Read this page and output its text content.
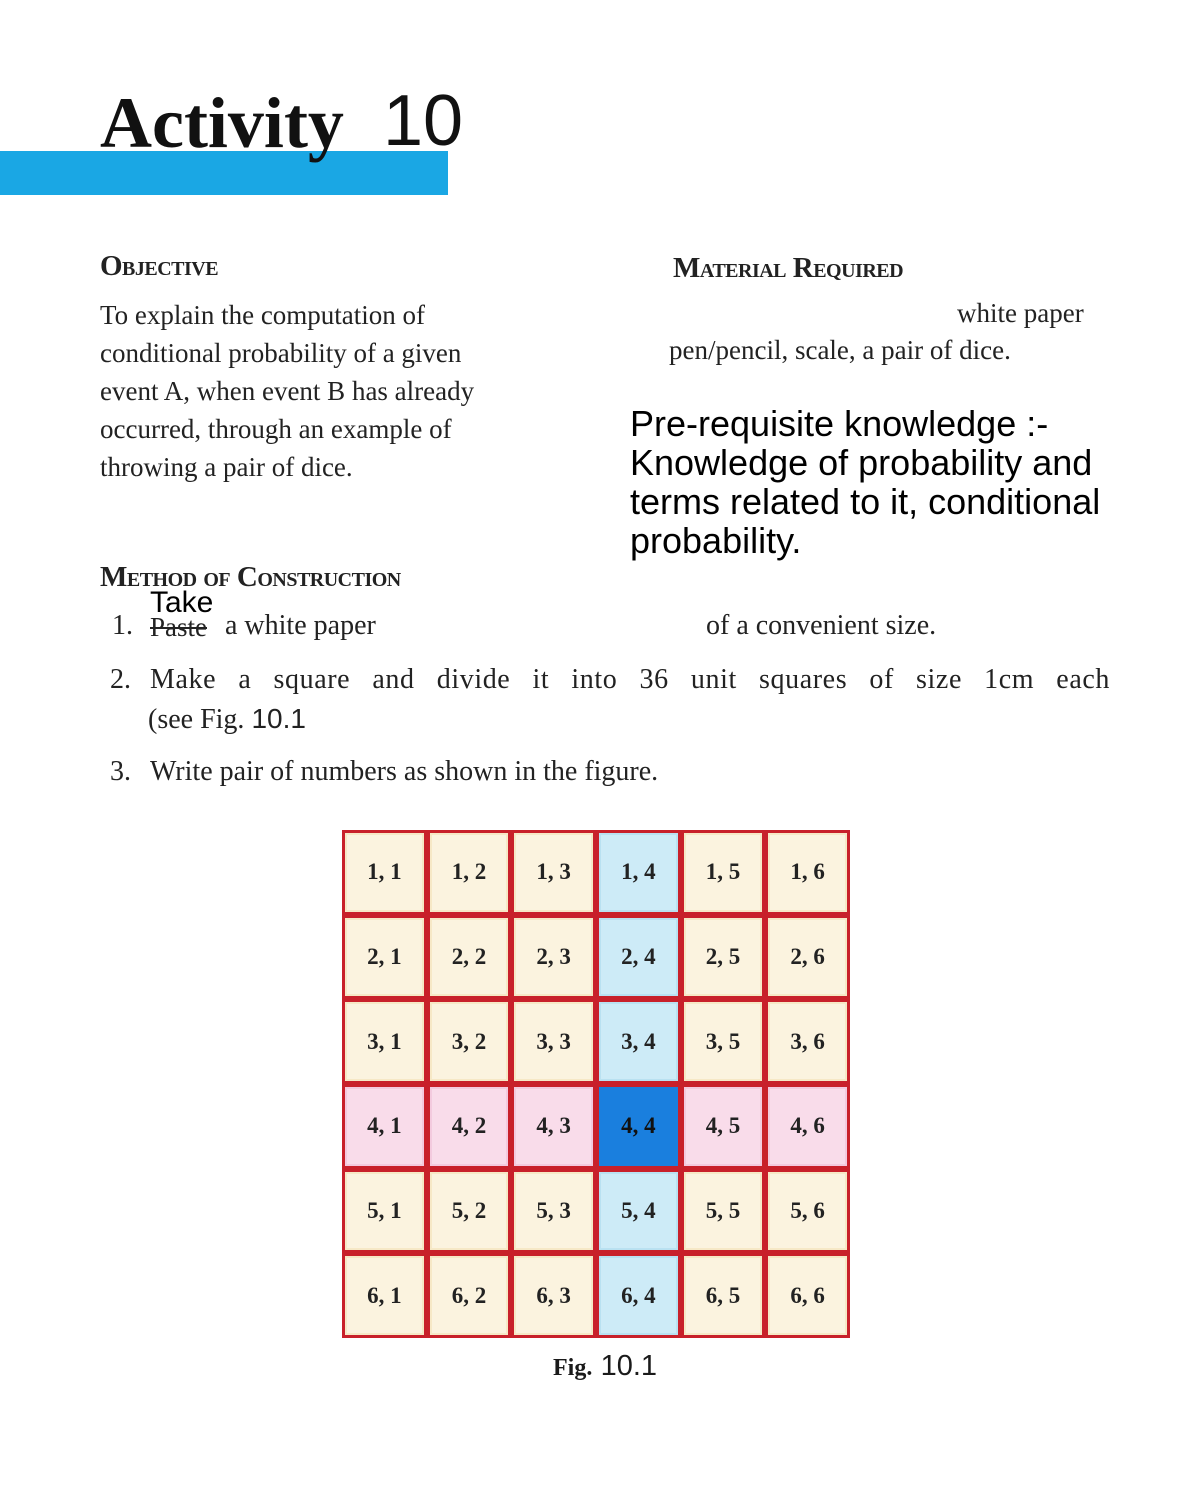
Activity 10
Objective
To explain the computation of
conditional probability of a given
event A, when event B has already
occurred, through an example of
throwing a pair of dice.
Material Required
white paper
pen/pencil, scale, a pair of dice.
Pre-requisite knowledge :-
Knowledge of probability and
terms related to it, conditional
probability.
Method of Construction
Take
1. Paste a white paper	of a convenient size.
2. Make a square and divide it into 36 unit squares of size 1cm each
(see Fig. 10.1
3. Write pair of numbers as shown in the figure.
1, 1	1, 2	1, 3	1, 4	1, 5	1, 6
2, 1	2, 2	2, 3	2, 4	2, 5	2, 6
3, 1	3, 2	3, 3	3, 4	3, 5	3, 6
4, 1	4, 2	4, 3	4, 4	4, 5	4, 6
5, 1	5, 2	5, 3	5, 4	5, 5	5, 6
6, 1	6, 2	6, 3	6, 4	6, 5	6, 6
Fig. 10.1
